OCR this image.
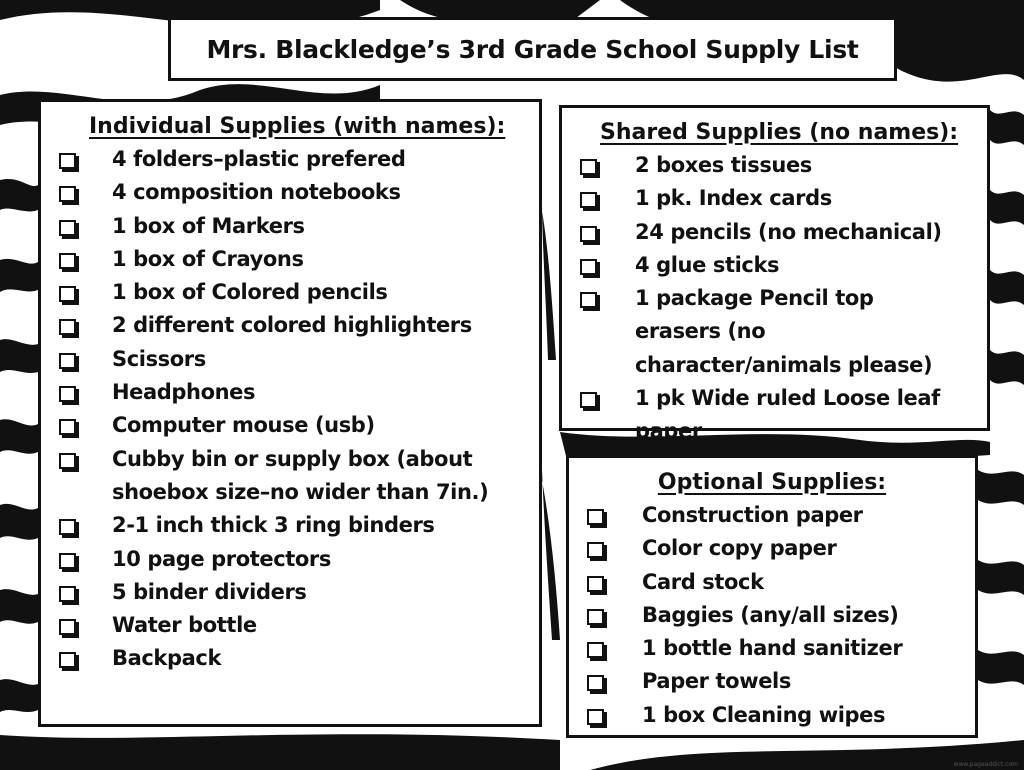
Mrs. Blackledge’s 3rd Grade School Supply List
Individual Supplies (with names):
4 folders–plastic prefered
4 composition notebooks
1 box of Markers
1 box of Crayons
1 box of Colored pencils
2 different colored highlighters
Scissors
Headphones
Computer mouse (usb)
Cubby bin or supply box (about shoebox size–no wider than 7in.)
2-1 inch thick 3 ring binders
10 page protectors
5 binder dividers
Water bottle
Backpack
Shared Supplies (no names):
2 boxes tissues
1 pk. Index cards
24 pencils (no mechanical)
4 glue sticks
1 package Pencil top erasers (no character/animals please)
1 pk Wide ruled Loose leaf paper
Optional Supplies:
Construction paper
Color copy paper
Card stock
Baggies (any/all sizes)
1 bottle hand sanitizer
Paper towels
1 box Cleaning wipes
www.pageaddict.com
